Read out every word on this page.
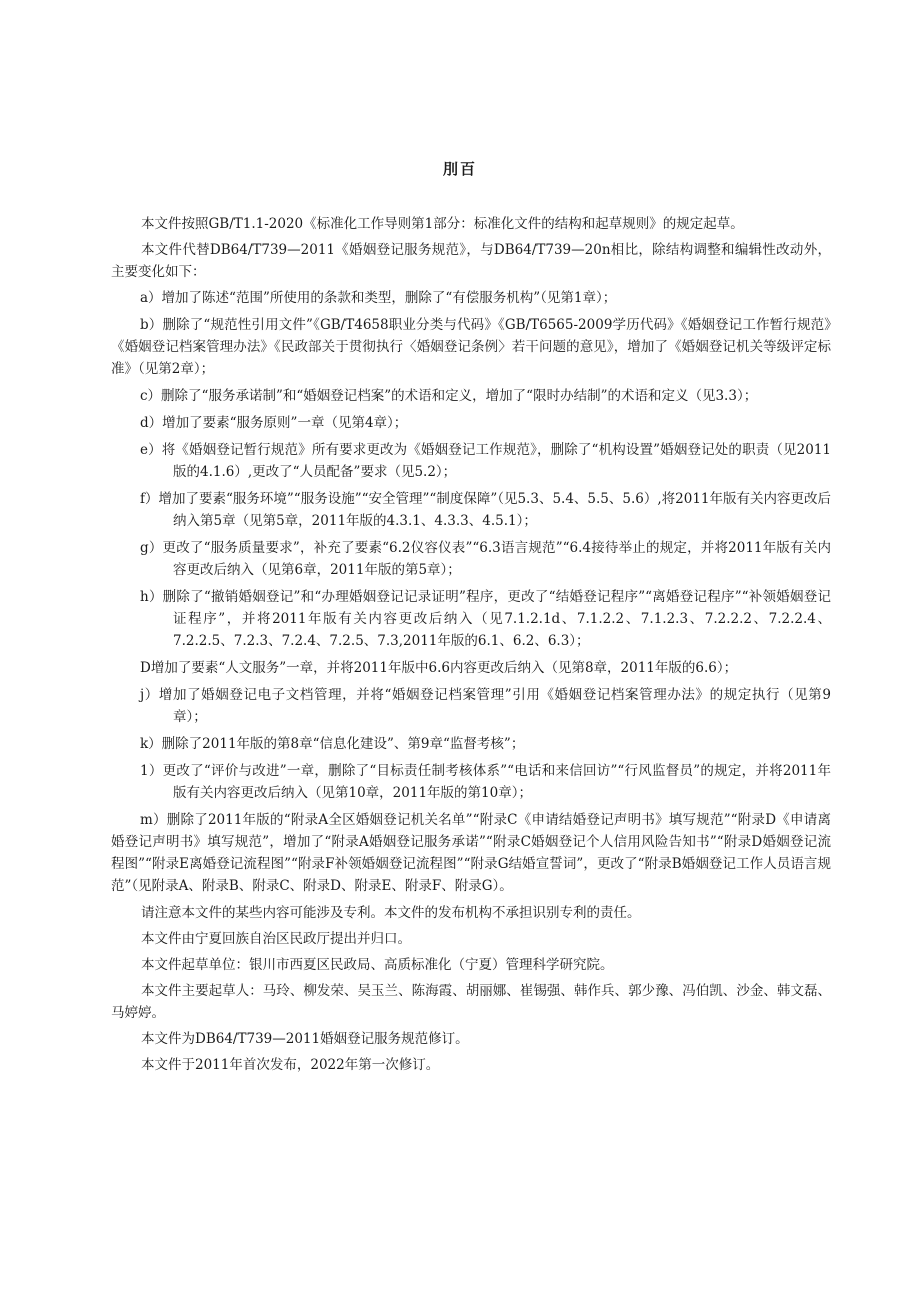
刖百

本文件按照GB/T1.1-2020《标准化工作导则第1部分：标准化文件的结构和起草规则》的规定起草。

本文件代替DB64/T739—2011《婚姻登记服务规范》，与DB64/T739—20n相比，除结构调整和编辑性改动外，主要变化如下：

a）增加了陈述“范围”所使用的条款和类型，删除了“有偿服务机构”（见第1章）；

b）删除了“规范性引用文件”《GB/T4658职业分类与代码》《GB/T6565-2009学历代码》《婚姻登记工作暂行规范》《婚姻登记档案管理办法》《民政部关于贯彻执行〈婚姻登记条例〉若干问题的意见》，增加了《婚姻登记机关等级评定标准》（见第2章）；

c）删除了“服务承诺制”和“婚姻登记档案”的术语和定义，增加了“限时办结制”的术语和定义（见3.3）；

d）增加了要素“服务原则”一章（见第4章）；

e）将《婚姻登记暂行规范》所有要求更改为《婚姻登记工作规范》，删除了“机构设置”婚姻登记处的职责（见2011版的4.1.6）,更改了“人员配备”要求（见5.2）；

f）增加了要素“服务环境”“服务设施”“安全管理”“制度保障”（见5.3、5.4、5.5、5.6）,将2011年版有关内容更改后纳入第5章（见第5章，2011年版的4.3.1、4.3.3、4.5.1）；

g）更改了“服务质量要求”，补充了要素“6.2仪容仪表”“6.3语言规范”“6.4接待举止的规定，并将2011年版有关内容更改后纳入（见第6章，2011年版的第5章）；

h）删除了“撤销婚姻登记”和“办理婚姻登记记录证明”程序，更改了“结婚登记程序”“离婚登记程序”“补领婚姻登记证程序”，并将2011年版有关内容更改后纳入（见7.1.2.1d、7.1.2.2、7.1.2.3、7.2.2.2、7.2.2.4、7.2.2.5、7.2.3、7.2.4、7.2.5、7.3,2011年版的6.1、6.2、6.3）；

D增加了要素“人文服务”一章，并将2011年版中6.6内容更改后纳入（见第8章，2011年版的6.6）；

j）增加了婚姻登记电子文档管理，并将“婚姻登记档案管理”引用《婚姻登记档案管理办法》的规定执行（见第9章）；

k）删除了2011年版的第8章“信息化建设”、第9章“监督考核”；

1）更改了“评价与改进”一章，删除了“目标责任制考核体系”“电话和来信回访”“行风监督员”的规定，并将2011年版有关内容更改后纳入（见第10章，2011年版的第10章）；

m）删除了2011年版的“附录A全区婚姻登记机关名单”“附录C《申请结婚登记声明书》填写规范”“附录D《申请离婚登记声明书》填写规范”，增加了“附录A婚姻登记服务承诺”“附录C婚姻登记个人信用风险告知书”“附录D婚姻登记流程图”“附录E离婚登记流程图”“附录F补领婚姻登记流程图”“附录G结婚宣誓词”，更改了“附录B婚姻登记工作人员语言规范”（见附录A、附录B、附录C、附录D、附录E、附录F、附录G）。

请注意本文件的某些内容可能涉及专利。本文件的发布机构不承担识别专利的责任。

本文件由宁夏回族自治区民政厅提出并归口。

本文件起草单位：银川市西夏区民政局、高质标准化（宁夏）管理科学研究院。

本文件主要起草人：马玲、柳发荣、吴玉兰、陈海霞、胡丽娜、崔锡强、韩作兵、郭少豫、冯伯凯、沙金、韩文磊、马婷婷。

本文件为DB64/T739—2011婚姻登记服务规范修订。

本文件于2011年首次发布，2022年第一次修订。
